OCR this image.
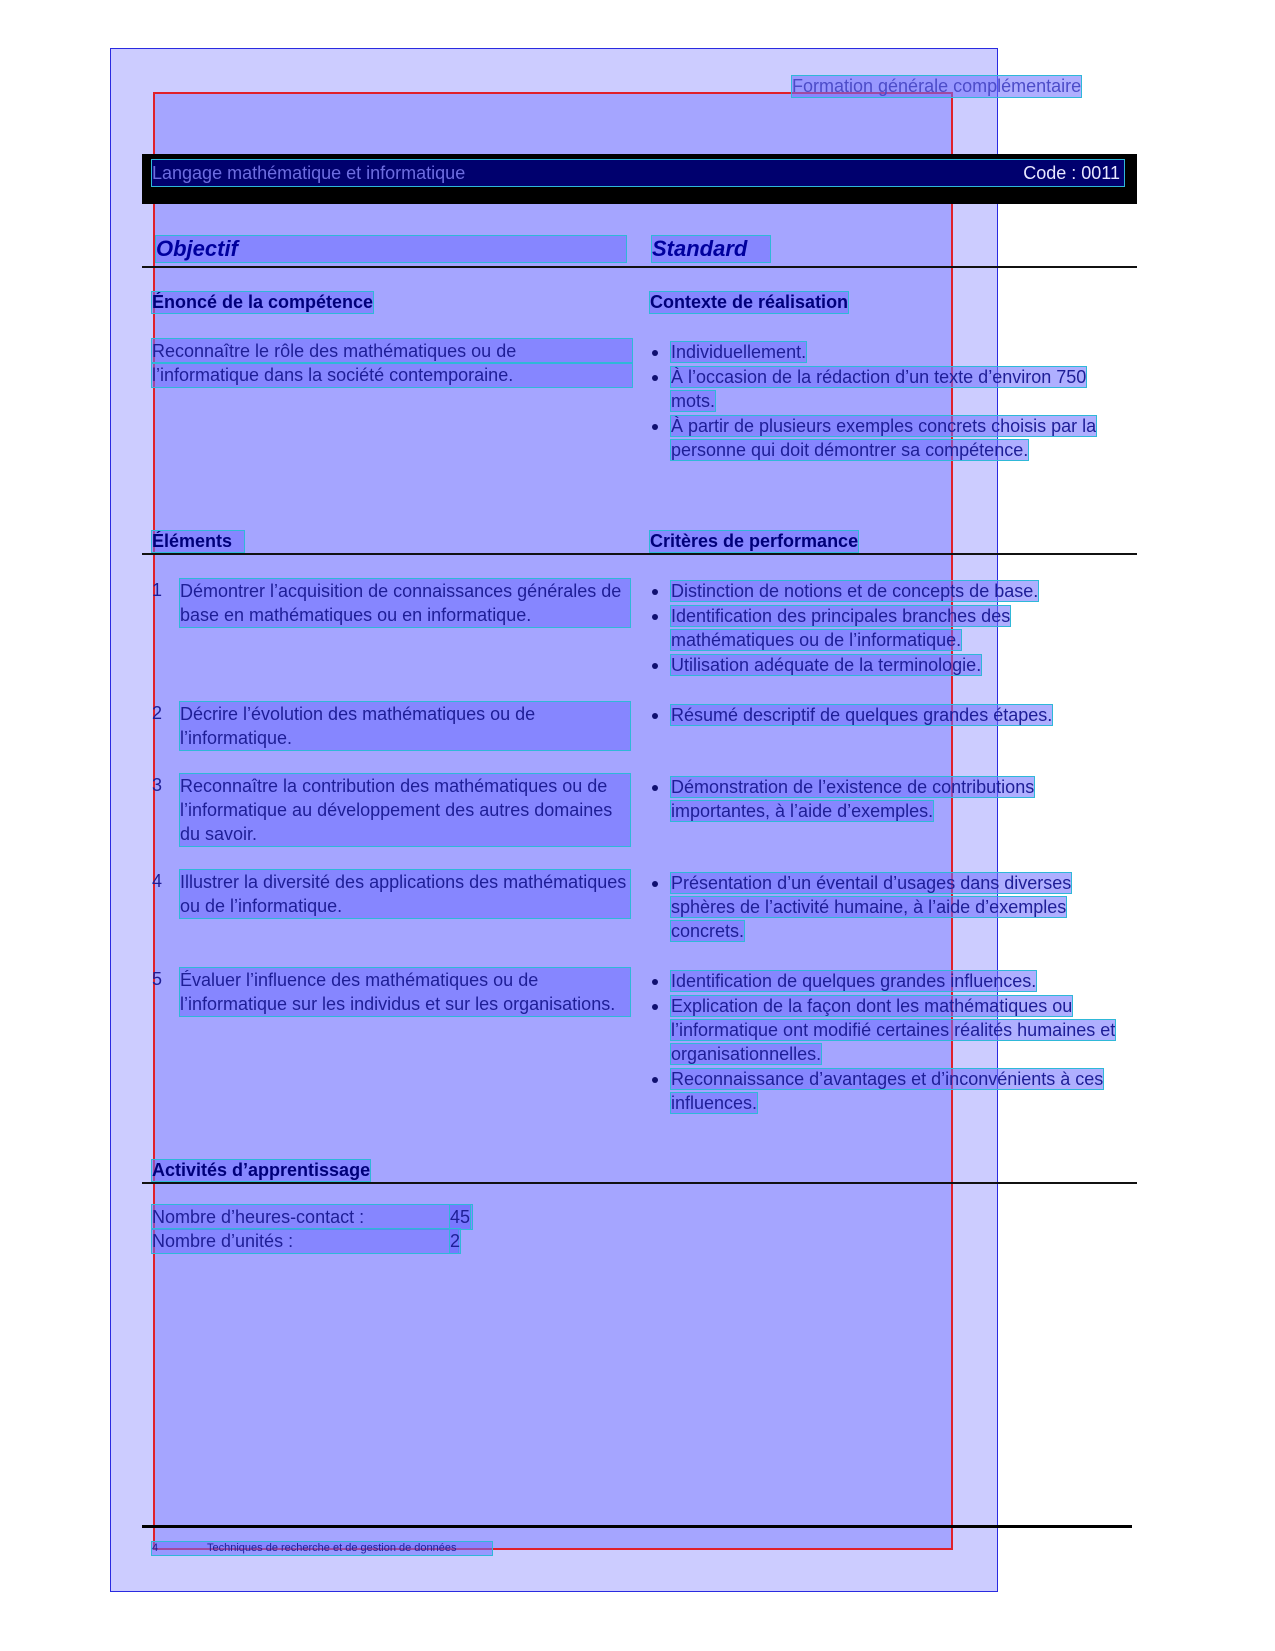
Formation générale complémentaire
Langage mathématique et informatique	Code : 0011
Objectif	Standard
Énoncé de la compétence	Contexte de réalisation
Reconnaître le rôle des mathématiques ou de
l’informatique dans la société contemporaine.
Individuellement.
À l’occasion de la rédaction d’un texte d’environ 750 mots.
À partir de plusieurs exemples concrets choisis par la personne qui doit démontrer sa compétence.
Éléments	Critères de performance
1 Démontrer l’acquisition de connaissances générales de base en mathématiques ou en informatique.
Distinction de notions et de concepts de base.
Identification des principales branches des mathématiques ou de l’informatique.
Utilisation adéquate de la terminologie.
2 Décrire l’évolution des mathématiques ou de l’informatique.
Résumé descriptif de quelques grandes étapes.
3 Reconnaître la contribution des mathématiques ou de l’informatique au développement des autres domaines du savoir.
Démonstration de l’existence de contributions importantes, à l’aide d’exemples.
4 Illustrer la diversité des applications des mathématiques ou de l’informatique.
Présentation d’un éventail d’usages dans diverses sphères de l’activité humaine, à l’aide d’exemples concrets.
5 Évaluer l’influence des mathématiques ou de l’informatique sur les individus et sur les organisations.
Identification de quelques grandes influences.
Explication de la façon dont les mathématiques ou l’informatique ont modifié certaines réalités humaines et organisationnelles.
Reconnaissance d’avantages et d’inconvénients à ces influences.
Activités d’apprentissage
Nombre d’heures-contact :	45
Nombre d’unités :	2
4	Techniques de recherche et de gestion de données
